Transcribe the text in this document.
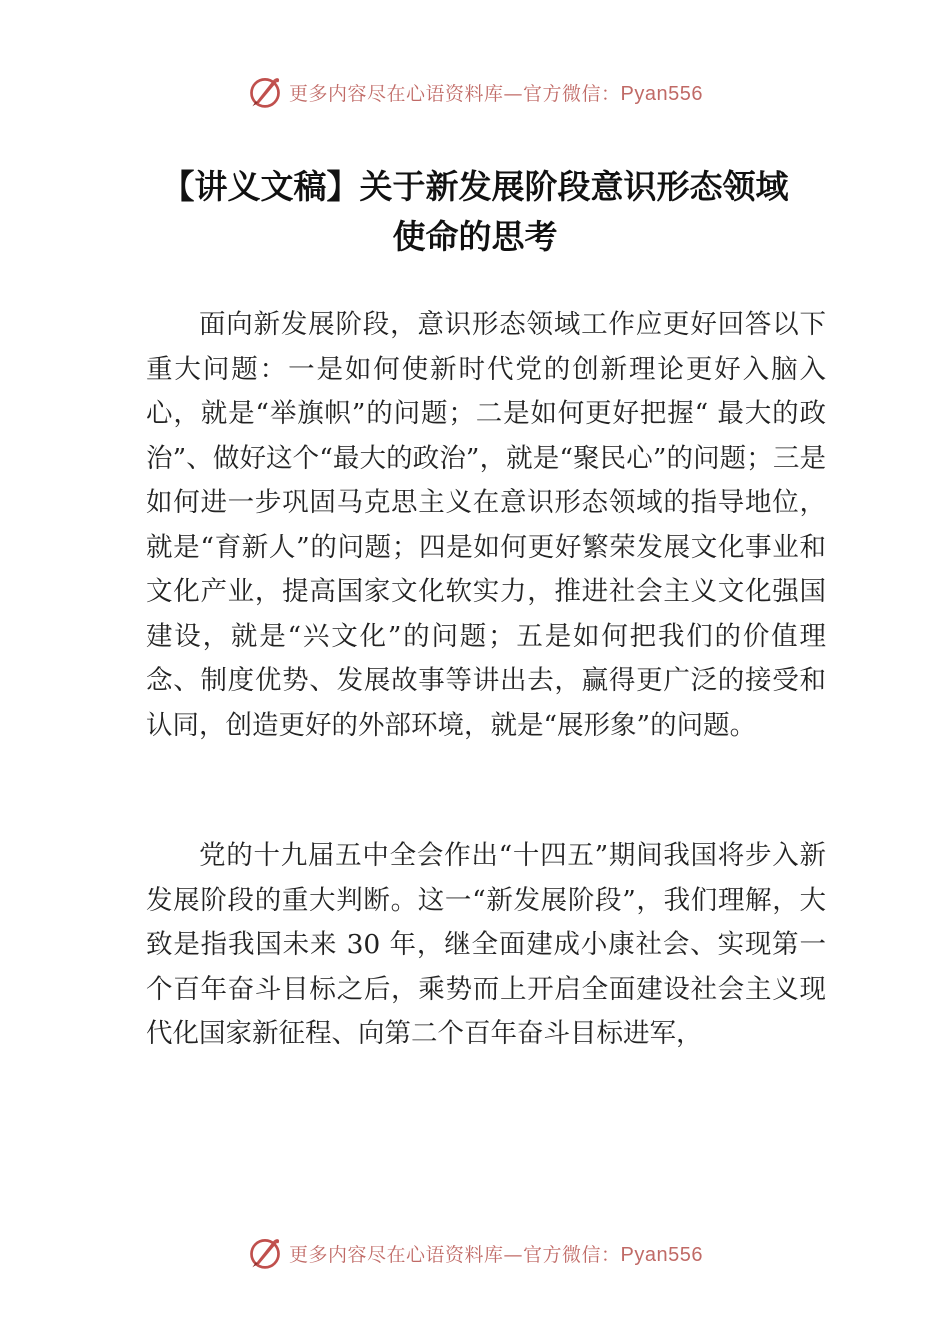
更多内容尽在心语资料库—官方微信：Pyan556
【讲义文稿】关于新发展阶段意识形态领域
使命的思考

面向新发展阶段，意识形态领域工作应更好回答以下重大问题：一是如何使新时代党的创新理论更好入脑入心，就是“举旗帜”的问题；二是如何更好把握“ 最大的政治”、做好这个“最大的政治”，就是“聚民心”的问题；三是如何进一步巩固马克思主义在意识形态领域的指导地位，就是“育新人”的问题；四是如何更好繁荣发展文化事业和文化产业，提高国家文化软实力，推进社会主义文化强国建设，就是“兴文化”的问题；五是如何把我们的价值理念、制度优势、发展故事等讲出去，赢得更广泛的接受和认同，创造更好的外部环境，就是“展形象”的问题。

党的十九届五中全会作出“十四五”期间我国将步入新发展阶段的重大判断。这一“新发展阶段”，我们理解，大致是指我国未来 30 年，继全面建成小康社会、实现第一个百年奋斗目标之后，乘势而上开启全面建设社会主义现代化国家新征程、向第二个百年奋斗目标进军，

更多内容尽在心语资料库—官方微信：Pyan556
